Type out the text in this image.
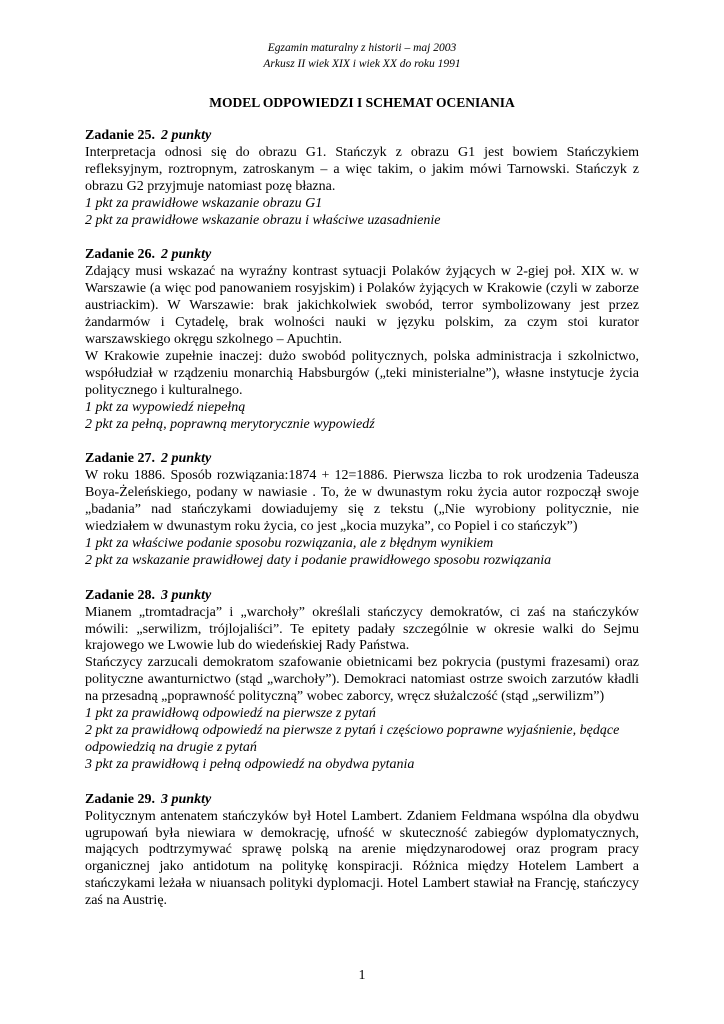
Egzamin maturalny z historii – maj 2003
Arkusz II wiek XIX i wiek XX do roku 1991
MODEL ODPOWIEDZI I SCHEMAT OCENIANIA
Zadanie 25. 2 punkty

Interpretacja odnosi się do obrazu G1. Stańczyk z obrazu G1 jest bowiem Stańczykiem refleksyjnym, roztropnym, zatroskanym – a więc takim, o jakim mówi Tarnowski. Stańczyk z obrazu G2 przyjmuje natomiast pozę błazna.

1 pkt za prawidłowe wskazanie obrazu G1

2 pkt za prawidłowe wskazanie obrazu i właściwe uzasadnienie

Zadanie 26. 2 punkty

Zdający musi wskazać na wyraźny kontrast sytuacji Polaków żyjących w 2-giej poł. XIX w. w Warszawie (a więc pod panowaniem rosyjskim) i Polaków żyjących w Krakowie (czyli w zaborze austriackim). W Warszawie: brak jakichkolwiek swobód, terror symbolizowany jest przez żandarmów i Cytadelę, brak wolności nauki w języku polskim, za czym stoi kurator warszawskiego okręgu szkolnego – Apuchtin.

W Krakowie zupełnie inaczej: dużo swobód politycznych, polska administracja i szkolnictwo, współudział w rządzeniu monarchią Habsburgów („teki ministerialne”), własne instytucje życia politycznego i kulturalnego.

1 pkt za wypowiedź niepełną

2 pkt za pełną, poprawną merytorycznie wypowiedź

Zadanie 27. 2 punkty

W roku 1886. Sposób rozwiązania:1874 + 12=1886. Pierwsza liczba to rok urodzenia Tadeusza Boya-Żeleńskiego, podany w nawiasie . To, że w dwunastym roku życia autor rozpoczął swoje „badania” nad stańczykami dowiadujemy się z tekstu („Nie wyrobiony politycznie, nie wiedziałem w dwunastym roku życia, co jest „kocia muzyka”, co Popiel i co stańczyk”)

1 pkt za właściwe podanie sposobu rozwiązania, ale z błędnym wynikiem

2 pkt za wskazanie prawidłowej daty i podanie prawidłowego sposobu rozwiązania

Zadanie 28. 3 punkty

Mianem „tromtadracja” i „warchoły” określali stańczycy demokratów, ci zaś na stańczyków mówili: „serwilizm, trójlojaliści”. Te epitety padały szczególnie w okresie walki do Sejmu krajowego we Lwowie lub do wiedeńskiej Rady Państwa.

Stańczycy zarzucali demokratom szafowanie obietnicami bez pokrycia (pustymi frazesami) oraz polityczne awanturnictwo (stąd „warchoły”). Demokraci natomiast ostrze swoich zarzutów kładli na przesadną „poprawność polityczną” wobec zaborcy, wręcz służalczość (stąd „serwilizm”)

1 pkt za prawidłową odpowiedź na pierwsze z pytań

2 pkt za prawidłową odpowiedź na pierwsze z pytań i częściowo poprawne wyjaśnienie, będące odpowiedzią na drugie z pytań

3 pkt za prawidłową i pełną odpowiedź na obydwa pytania

Zadanie 29. 3 punkty

Politycznym antenatem stańczyków był Hotel Lambert. Zdaniem Feldmana wspólna dla obydwu ugrupowań była niewiara w demokrację, ufność w skuteczność zabiegów dyplomatycznych, mających podtrzymywać sprawę polską na arenie międzynarodowej oraz program pracy organicznej jako antidotum na politykę konspiracji. Różnica między Hotelem Lambert a stańczykami leżała w niuansach polityki dyplomacji. Hotel Lambert stawiał na Francję, stańczycy zaś na Austrię.

1
